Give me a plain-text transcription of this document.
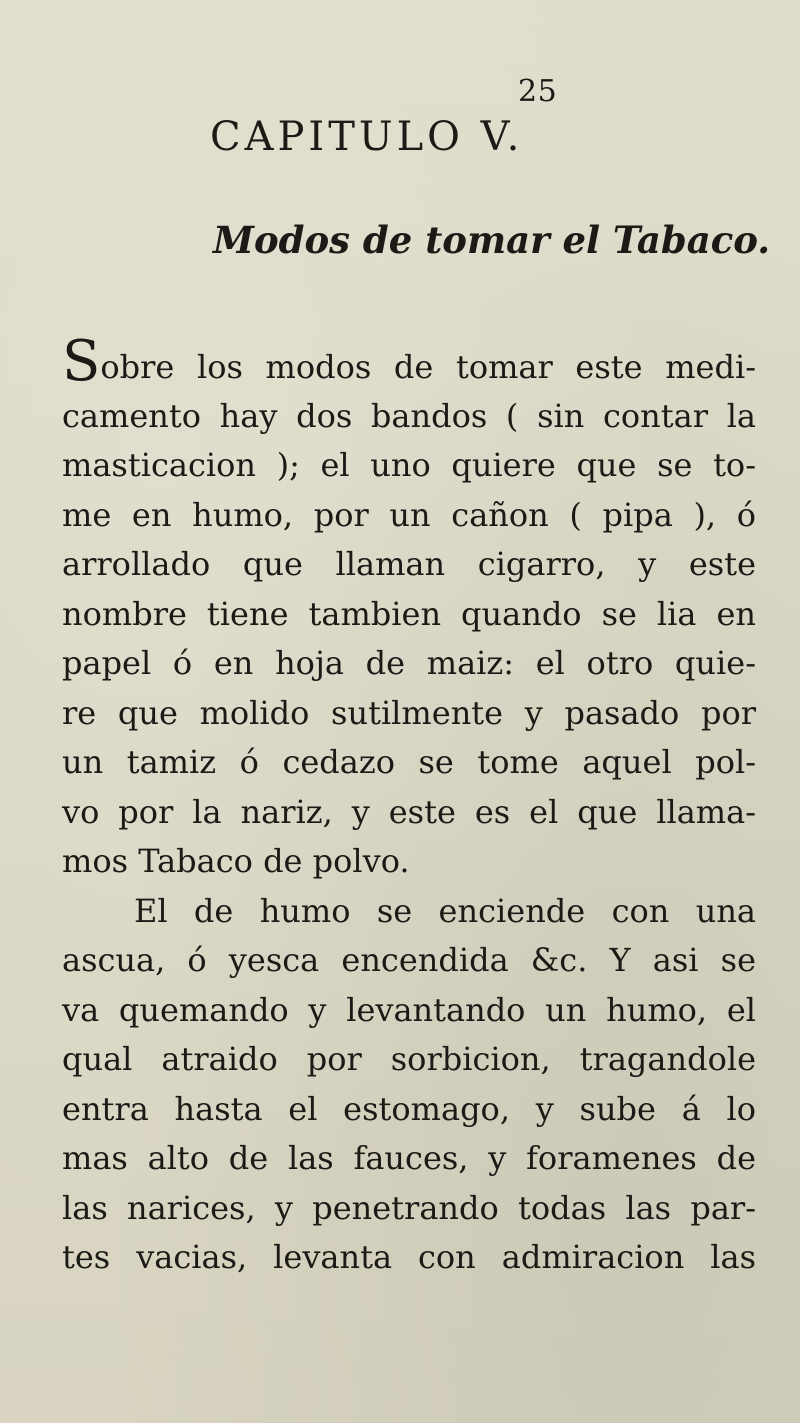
25
CAPITULO V.
Modos de tomar el Tabaco.
Sobre los modos de tomar este medi-
camento hay dos bandos ( sin contar la
masticacion ); el uno quiere que se to-
me en humo, por un cañon ( pipa ), ó
arrollado que llaman cigarro, y este
nombre tiene tambien quando se lia en
papel ó en hoja de maiz: el otro quie-
re que molido sutilmente y pasado por
un tamiz ó cedazo se tome aquel pol-
vo por la nariz, y este es el que llama-
mos Tabaco de polvo.
El de humo se enciende con una
ascua, ó yesca encendida &c. Y asi se
va quemando y levantando un humo, el
qual atraido por sorbicion, tragandole
entra hasta el estomago, y sube á lo
mas alto de las fauces, y foramenes de
las narices, y penetrando todas las par-
tes vacias, levanta con admiracion las
